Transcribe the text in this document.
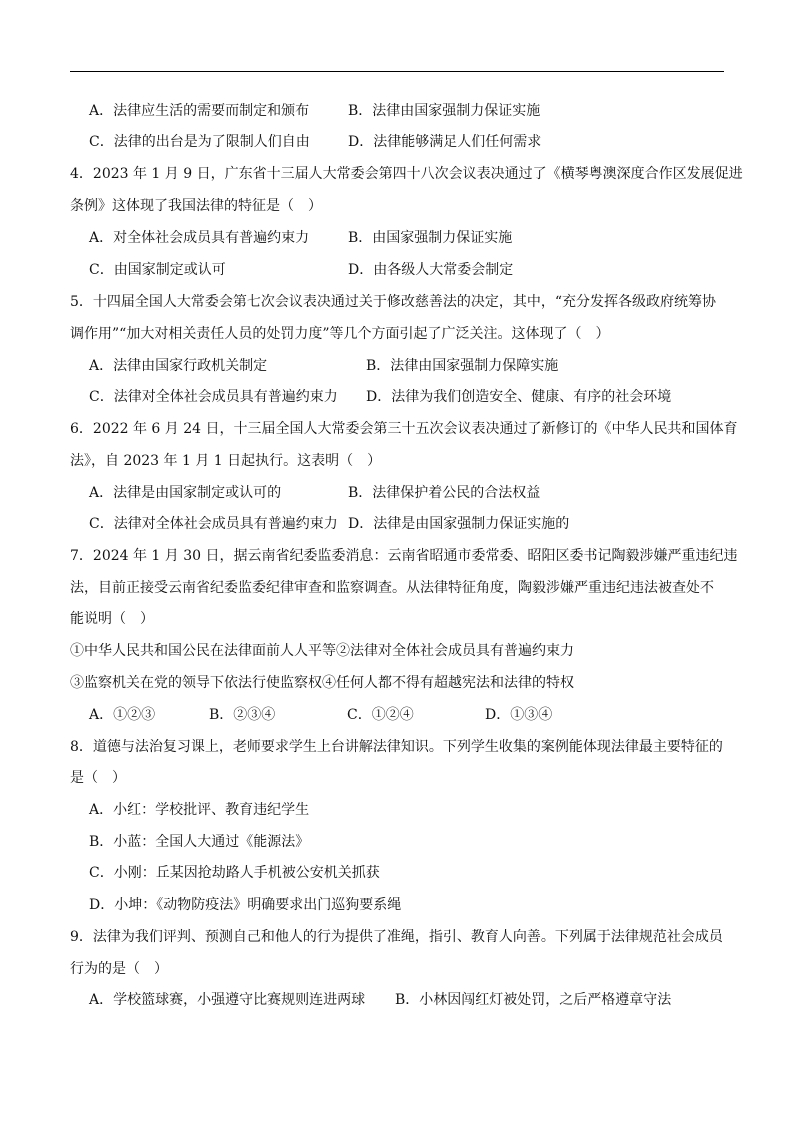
A．法律应生活的需要而制定和颁布	B．法律由国家强制力保证实施
C．法律的出台是为了限制人们自由	D．法律能够满足人们任何需求
4．2023 年 1 月 9 日，广东省十三届人大常委会第四十八次会议表决通过了《横琴粤澳深度合作区发展促进
条例》这体现了我国法律的特征是（　）
A．对全体社会成员具有普遍约束力	B．由国家强制力保证实施
C．由国家制定或认可	D．由各级人大常委会制定
5．十四届全国人大常委会第七次会议表决通过关于修改慈善法的决定，其中，“充分发挥各级政府统筹协
调作用”“加大对相关责任人员的处罚力度”等几个方面引起了广泛关注。这体现了（　）
A．法律由国家行政机关制定	B．法律由国家强制力保障实施
C．法律对全体社会成员具有普遍约束力 D．法律为我们创造安全、健康、有序的社会环境
6．2022 年 6 月 24 日，十三届全国人大常委会第三十五次会议表决通过了新修订的《中华人民共和国体育
法》，自 2023 年 1 月 1 日起执行。这表明（　）
A．法律是由国家制定或认可的	B．法律保护着公民的合法权益
C．法律对全体社会成员具有普遍约束力 D．法律是由国家强制力保证实施的
7．2024 年 1 月 30 日，据云南省纪委监委消息：云南省昭通市委常委、昭阳区委书记陶毅涉嫌严重违纪违
法，目前正接受云南省纪委监委纪律审查和监察调查。从法律特征角度，陶毅涉嫌严重违纪违法被查处不
能说明（　）
①中华人民共和国公民在法律面前人人平等②法律对全体社会成员具有普遍约束力
③监察机关在党的领导下依法行使监察权④任何人都不得有超越宪法和法律的特权
A．①②③	B．②③④	C．①②④	D．①③④
8．道德与法治复习课上，老师要求学生上台讲解法律知识。下列学生收集的案例能体现法律最主要特征的
是（　）
A．小红：学校批评、教育违纪学生
B．小蓝：全国人大通过《能源法》
C．小刚：丘某因抢劫路人手机被公安机关抓获
D．小坤：《动物防疫法》明确要求出门巡狗要系绳
9．法律为我们评判、预测自己和他人的行为提供了准绳，指引、教育人向善。下列属于法律规范社会成员
行为的是（　）
A．学校篮球赛，小强遵守比赛规则连进两球 B．小林因闯红灯被处罚，之后严格遵章守法
